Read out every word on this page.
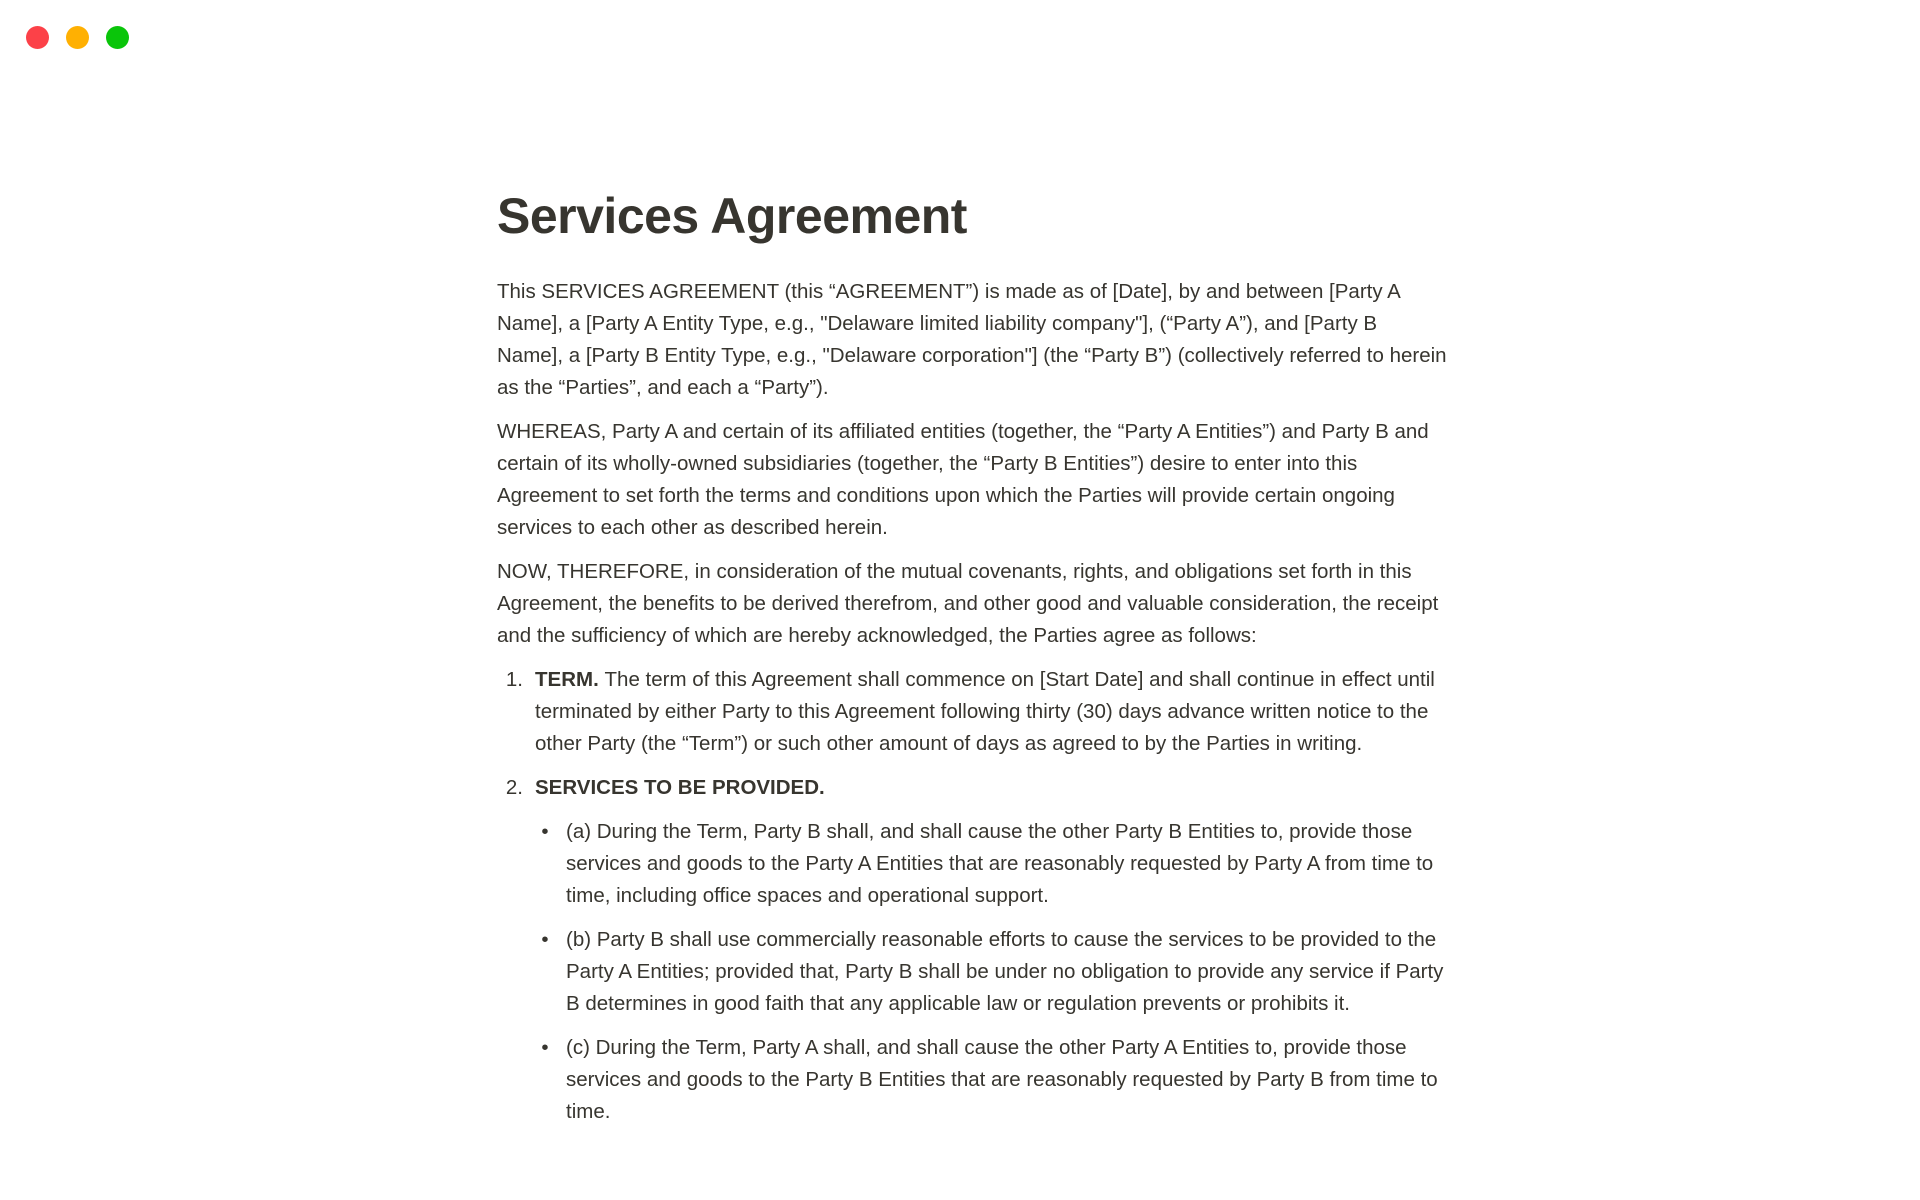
Services Agreement

This SERVICES AGREEMENT (this “AGREEMENT”) is made as of [Date], by and between [Party A Name], a [Party A Entity Type, e.g., "Delaware limited liability company"], (“Party A”), and [Party B Name], a [Party B Entity Type, e.g., "Delaware corporation"] (the “Party B”) (collectively referred to herein as the “Parties”, and each a “Party”).

WHEREAS, Party A and certain of its affiliated entities (together, the “Party A Entities”) and Party B and certain of its wholly-owned subsidiaries (together, the “Party B Entities”) desire to enter into this Agreement to set forth the terms and conditions upon which the Parties will provide certain ongoing services to each other as described herein.

NOW, THEREFORE, in consideration of the mutual covenants, rights, and obligations set forth in this Agreement, the benefits to be derived therefrom, and other good and valuable consideration, the receipt and the sufficiency of which are hereby acknowledged, the Parties agree as follows:

1. TERM. The term of this Agreement shall commence on [Start Date] and shall continue in effect until terminated by either Party to this Agreement following thirty (30) days advance written notice to the other Party (the “Term”) or such other amount of days as agreed to by the Parties in writing.
2. SERVICES TO BE PROVIDED.
• (a) During the Term, Party B shall, and shall cause the other Party B Entities to, provide those services and goods to the Party A Entities that are reasonably requested by Party A from time to time, including office spaces and operational support.
• (b) Party B shall use commercially reasonable efforts to cause the services to be provided to the Party A Entities; provided that, Party B shall be under no obligation to provide any service if Party B determines in good faith that any applicable law or regulation prevents or prohibits it.
• (c) During the Term, Party A shall, and shall cause the other Party A Entities to, provide those services and goods to the Party B Entities that are reasonably requested by Party B from time to time.
